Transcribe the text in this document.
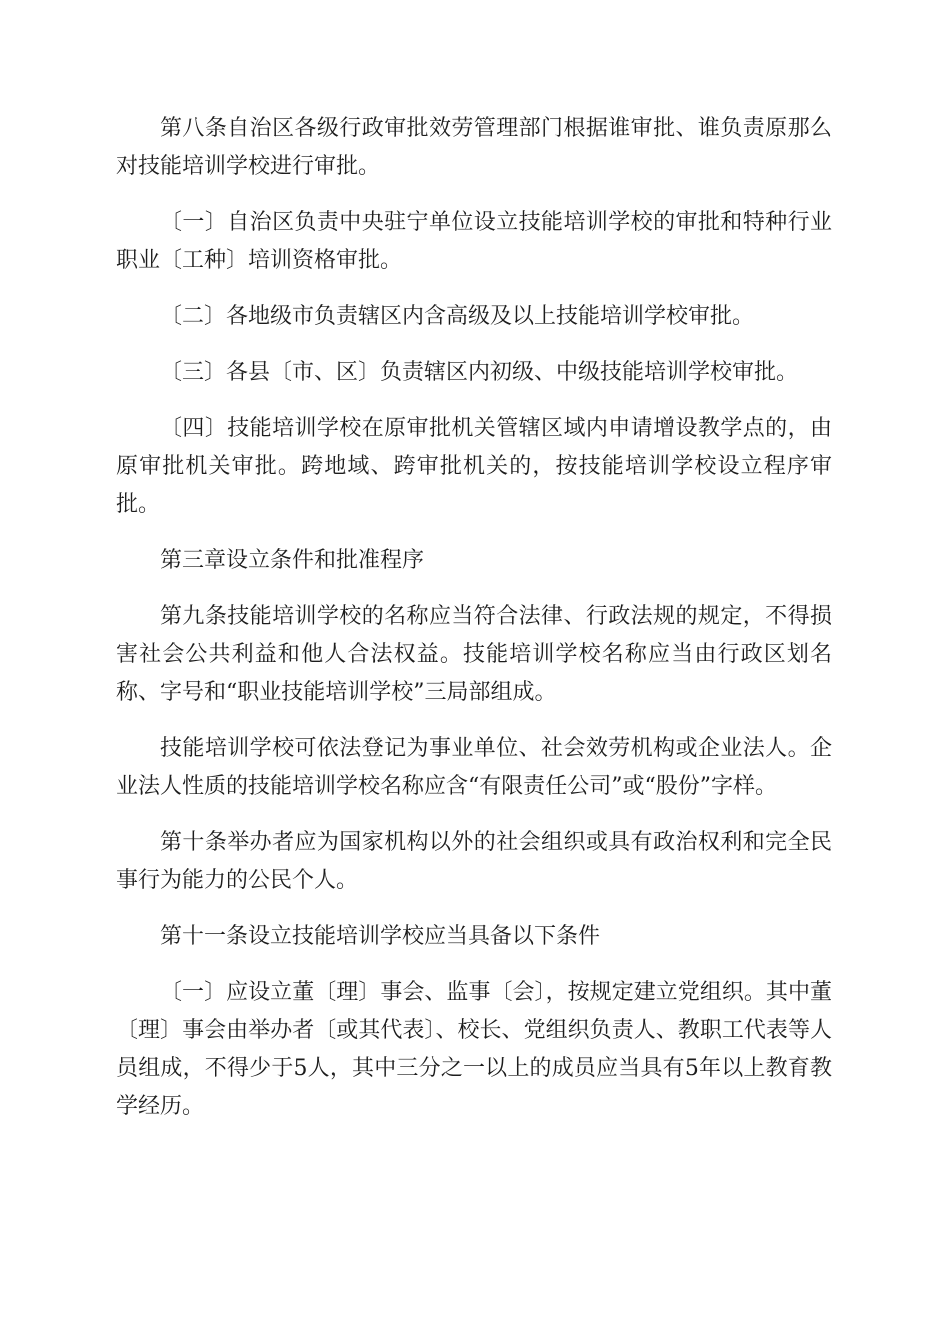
第八条自治区各级行政审批效劳管理部门根据谁审批、谁负责原那么对技能培训学校进行审批。

〔一〕自治区负责中央驻宁单位设立技能培训学校的审批和特种行业职业〔工种〕培训资格审批。

〔二〕各地级市负责辖区内含高级及以上技能培训学校审批。

〔三〕各县〔市、区〕负责辖区内初级、中级技能培训学校审批。

〔四〕技能培训学校在原审批机关管辖区域内申请增设教学点的，由原审批机关审批。跨地域、跨审批机关的，按技能培训学校设立程序审批。

第三章设立条件和批准程序

第九条技能培训学校的名称应当符合法律、行政法规的规定，不得损害社会公共利益和他人合法权益。技能培训学校名称应当由行政区划名称、字号和“职业技能培训学校”三局部组成。

技能培训学校可依法登记为事业单位、社会效劳机构或企业法人。企业法人性质的技能培训学校名称应含“有限责任公司”或“股份”字样。

第十条举办者应为国家机构以外的社会组织或具有政治权利和完全民事行为能力的公民个人。

第十一条设立技能培训学校应当具备以下条件

〔一〕应设立董〔理〕事会、监事〔会〕，按规定建立党组织。其中董〔理〕事会由举办者〔或其代表〕、校长、党组织负责人、教职工代表等人员组成，不得少于5人，其中三分之一以上的成员应当具有5年以上教育教学经历。
